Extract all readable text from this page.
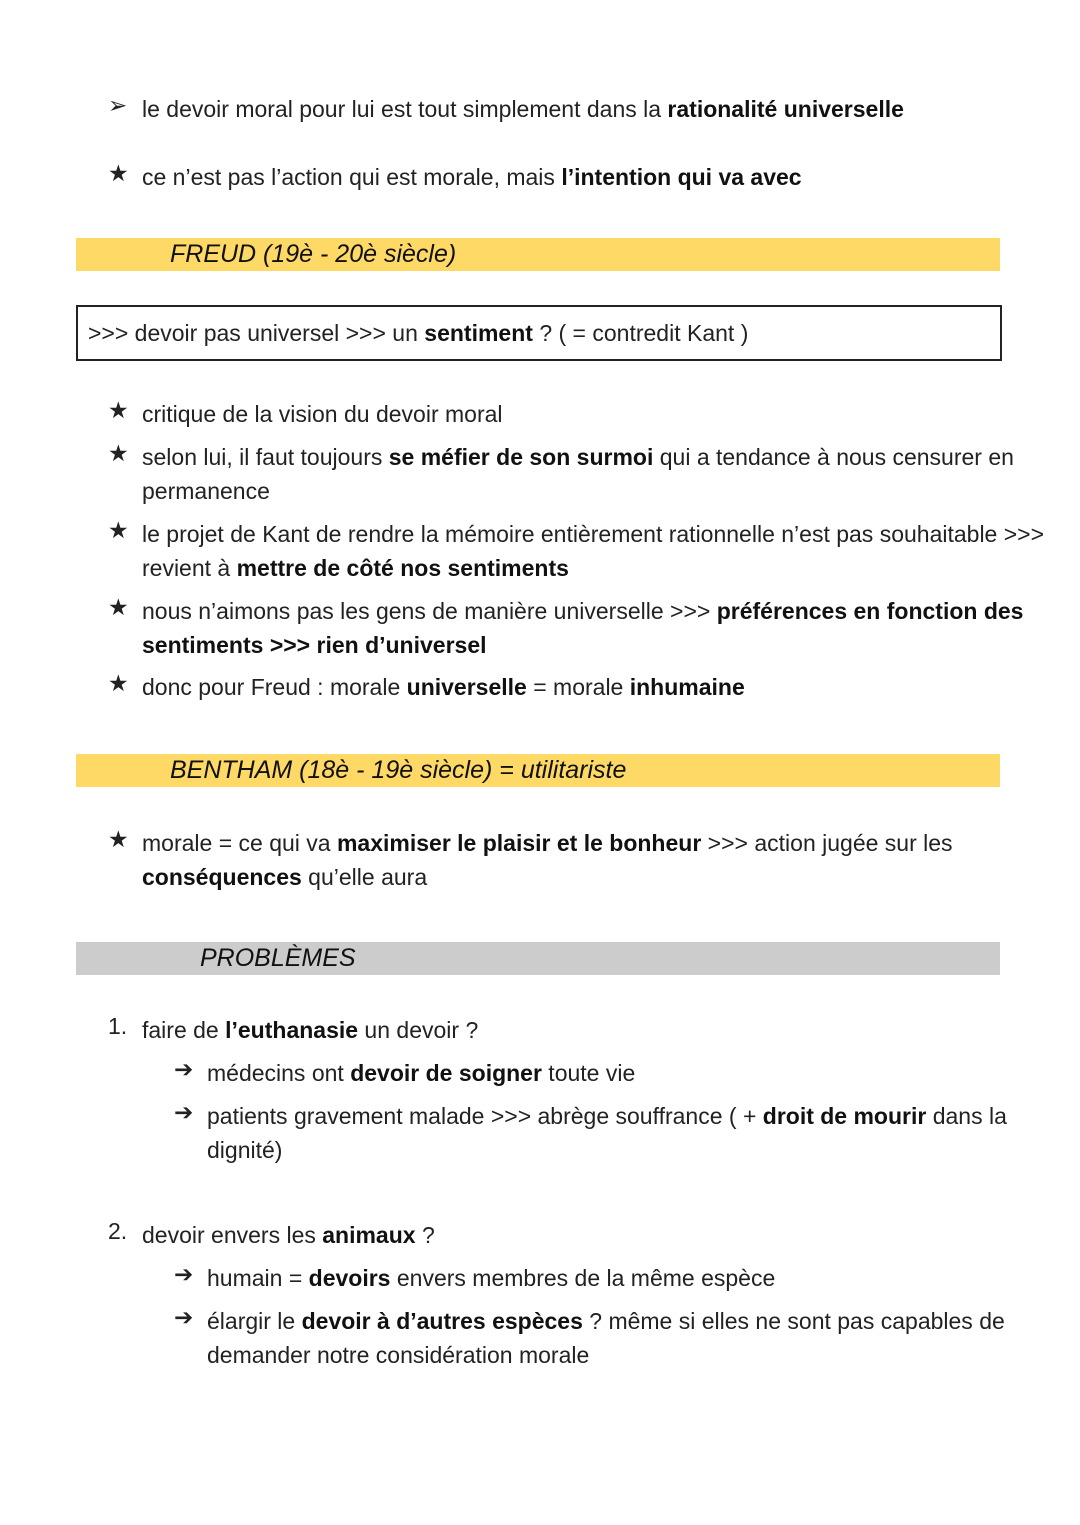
➢ le devoir moral pour lui est tout simplement dans la rationalité universelle
★ ce n’est pas l’action qui est morale, mais l’intention qui va avec
FREUD (19è - 20è siècle)
>>> devoir pas universel >>> un sentiment ? ( = contredit Kant )
★ critique de la vision du devoir moral
★ selon lui, il faut toujours se méfier de son surmoi qui a tendance à nous censurer en
permanence
★ le projet de Kant de rendre la mémoire entièrement rationnelle n’est pas souhaitable >>>
revient à mettre de côté nos sentiments
★ nous n’aimons pas les gens de manière universelle >>> préférences en fonction des
sentiments >>> rien d’universel
★ donc pour Freud : morale universelle = morale inhumaine
BENTHAM (18è - 19è siècle) = utilitariste
★ morale = ce qui va maximiser le plaisir et le bonheur >>> action jugée sur les
conséquences qu’elle aura
PROBLÈMES
1. faire de l’euthanasie un devoir ?
➔ médecins ont devoir de soigner toute vie
➔ patients gravement malade >>> abrège souffrance ( + droit de mourir dans la
dignité)
2. devoir envers les animaux ?
➔ humain = devoirs envers membres de la même espèce
➔ élargir le devoir à d’autres espèces ? même si elles ne sont pas capables de
demander notre considération morale
